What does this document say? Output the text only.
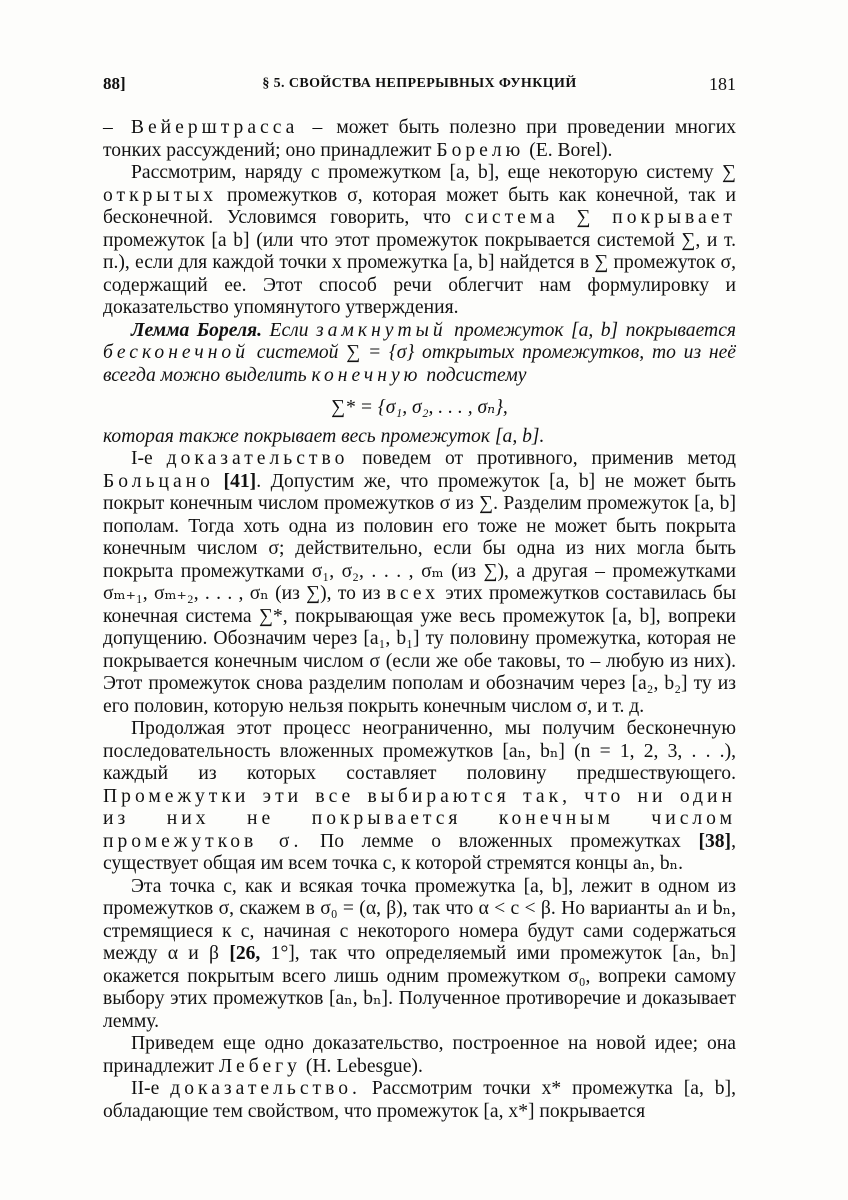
88]	§ 5. СВОЙСТВА НЕПРЕРЫВНЫХ ФУНКЦИЙ	181

– Вейерштрасса – может быть полезно при проведении многих тонких рассуждений; оно принадлежит Борелю (E. Borel).

Рассмотрим, наряду с промежутком [a, b], еще некоторую систему ∑ открытых промежутков σ, которая может быть как конечной, так и бесконечной. Условимся говорить, что система ∑ покрывает промежуток [a b] (или что этот промежуток покрывается системой ∑, и т. п.), если для каждой точки x промежутка [a, b] найдется в ∑ промежуток σ, содержащий ее. Этот способ речи облегчит нам формулировку и доказательство упомянутого утверждения.

Лемма Бореля. Если замкнутый промежуток [a, b] покрывается бесконечной системой ∑ = {σ} открытых промежутков, то из неё всегда можно выделить конечную подсистему

∑* = {σ₁, σ₂, . . . , σₙ},

которая также покрывает весь промежуток [a, b].

I-е доказательство поведем от противного, применив метод Больцано [41]. Допустим же, что промежуток [a, b] не может быть покрыт конечным числом промежутков σ из ∑. Разделим промежуток [a, b] пополам. Тогда хоть одна из половин его тоже не может быть покрыта конечным числом σ; действительно, если бы одна из них могла быть покрыта промежутками σ₁, σ₂, . . . , σₘ (из ∑), а другая – промежутками σₘ₊₁, σₘ₊₂, . . . , σₙ (из ∑), то из всех этих промежутков составилась бы конечная система ∑*, покрывающая уже весь промежуток [a, b], вопреки допущению. Обозначим через [a₁, b₁] ту половину промежутка, которая не покрывается конечным числом σ (если же обе таковы, то – любую из них). Этот промежуток снова разделим пополам и обозначим через [a₂, b₂] ту из его половин, которую нельзя покрыть конечным числом σ, и т. д.

Продолжая этот процесс неограниченно, мы получим бесконечную последовательность вложенных промежутков [aₙ, bₙ] (n = 1, 2, 3, . . .), каждый из которых составляет половину предшествующего. Промежутки эти все выбираются так, что ни один из них не покрывается конечным числом промежутков σ. По лемме о вложенных промежутках [38], существует общая им всем точка c, к которой стремятся концы aₙ, bₙ.

Эта точка c, как и всякая точка промежутка [a, b], лежит в одном из промежутков σ, скажем в σ₀ = (α, β), так что α < c < β. Но варианты aₙ и bₙ, стремящиеся к c, начиная с некоторого номера будут сами содержаться между α и β [26, 1°], так что определяемый ими промежуток [aₙ, bₙ] окажется покрытым всего лишь одним промежутком σ₀, вопреки самому выбору этих промежутков [aₙ, bₙ]. Полученное противоречие и доказывает лемму.

Приведем еще одно доказательство, построенное на новой идее; она принадлежит Лебегу (H. Lebesgue).

II-е доказательство. Рассмотрим точки x* промежутка [a, b], обладающие тем свойством, что промежуток [a, x*] покрывается
